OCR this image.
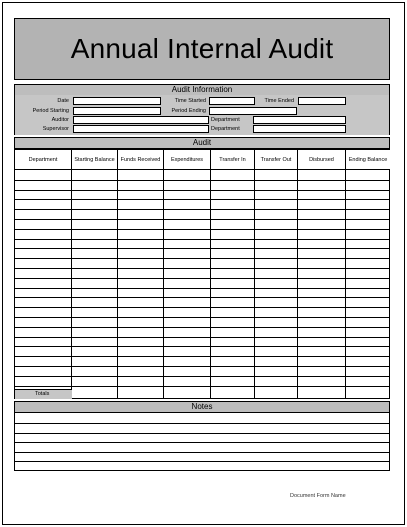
Annual Internal Audit
Audit Information
Date	Time Started	Time Ended
Period Starting	Period Ending
Auditor	Department
Supervisor	Department
Audit
Department	Starting Balance	Funds Received	Expenditures	Transfer In	Transfer Out	Disbursed	Ending Balance
Totals
Notes
Document Form Name
